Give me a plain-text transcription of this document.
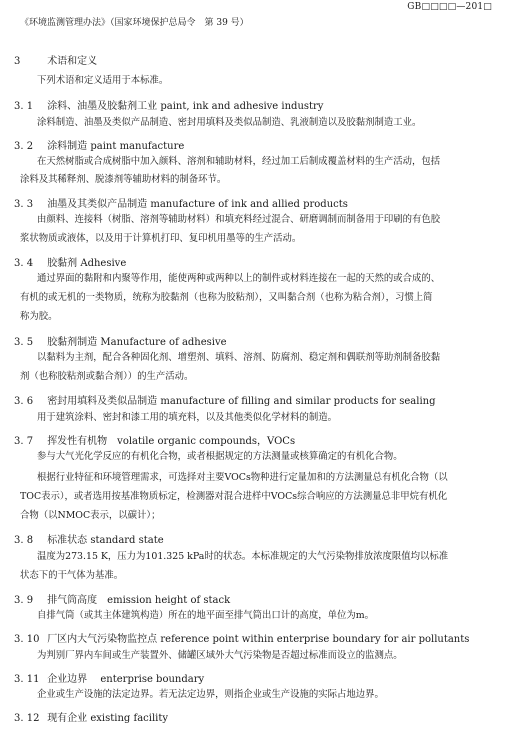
GB□□□□—201□
《环境监测管理办法》（国家环境保护总局令　第 39 号）
3	术语和定义
下列术语和定义适用于本标准。
3. 1 涂料、油墨及胶黏剂工业 paint, ink and adhesive industry
涂料制造、油墨及类似产品制造、密封用填料及类似品制造、乳液制造以及胶黏剂制造工业。
3. 2 涂料制造 paint manufacture
在天然树脂或合成树脂中加入颜料、溶剂和辅助材料，经过加工后制成覆盖材料的生产活动，包括
涂料及其稀释剂、脱漆剂等辅助材料的制备环节。
3. 3 油墨及其类似产品制造 manufacture of ink and allied products
由颜料、连接料（树脂、溶剂等辅助材料）和填充料经过混合、研磨调制而制备用于印刷的有色胶
浆状物质或液体，以及用于计算机打印、复印机用墨等的生产活动。
3. 4 胶黏剂 Adhesive
通过界面的黏附和内聚等作用，能使两种或两种以上的制件或材料连接在一起的天然的或合成的、
有机的或无机的一类物质，统称为胶黏剂（也称为胶粘剂），又叫黏合剂（也称为粘合剂），习惯上简
称为胶。
3. 5 胶黏剂制造 Manufacture of adhesive
以黏料为主剂，配合各种固化剂、增塑剂、填料、溶剂、防腐剂、稳定剂和偶联剂等助剂制备胶黏
剂（也称胶粘剂或黏合剂））的生产活动。
3. 6 密封用填料及类似品制造 manufacture of filling and similar products for sealing
用于建筑涂料、密封和漆工用的填充料，以及其他类似化学材料的制造。
3. 7 挥发性有机物　volatile organic compounds，VOCs
参与大气光化学反应的有机化合物，或者根据规定的方法测量或核算确定的有机化合物。
根据行业特征和环境管理需求，可选择对主要VOCs物种进行定量加和的方法测量总有机化合物（以
TOC表示），或者选用按基准物质标定，检测器对混合进样中VOCs综合响应的方法测量总非甲烷有机化
合物（以NMOC表示，以碳计）；
3. 8 标准状态 standard state
温度为273.15 K，压力为101.325 kPa时的状态。本标准规定的大气污染物排放浓度限值均以标准
状态下的干气体为基准。
3. 9 排气筒高度　emission height of stack
自排气筒（或其主体建筑构造）所在的地平面至排气筒出口计的高度，单位为m。
3. 10 厂区内大气污染物监控点 reference point within enterprise boundary for air pollutants
为判别厂界内车间或生产装置外、储罐区域外大气污染物是否超过标准而设立的监测点。
3. 11 企业边界　 enterprise boundary
企业或生产设施的法定边界。若无法定边界，则指企业或生产设施的实际占地边界。
3. 12 现有企业 existing facility
